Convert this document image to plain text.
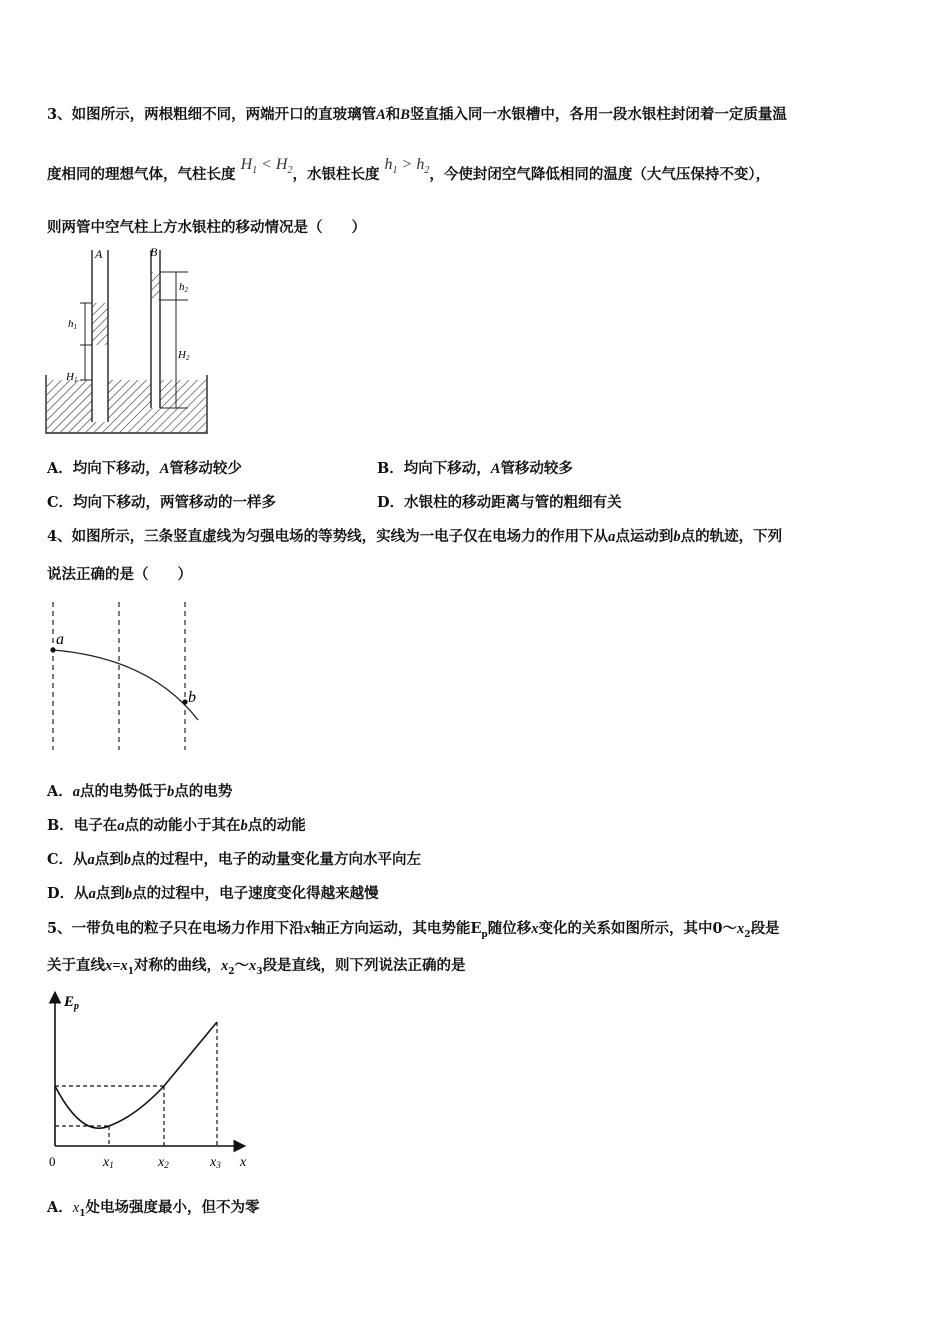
3、如图所示，两根粗细不同，两端开口的直玻璃管A和B竖直插入同一水银槽中，各用一段水银柱封闭着一定质量温
度相同的理想气体，气柱长度 $H_1 < H_2$，水银柱长度 $h_1 > h_2$，今使封闭空气降低相同的温度（大气压保持不变），
则两管中空气柱上方水银柱的移动情况是（　　）
A	B
h1
H1
h2
H2
A．均向下移动，A管移动较少	B．均向下移动，A管移动较多
C．均向下移动，两管移动的一样多	D．水银柱的移动距离与管的粗细有关
4、如图所示，三条竖直虚线为匀强电场的等势线，实线为一电子仅在电场力的作用下从a点运动到b点的轨迹，下列
说法正确的是（　　）
a
b
A．a点的电势低于b点的电势
B．电子在a点的动能小于其在b点的动能
C．从a点到b点的过程中，电子的动量变化量方向水平向左
D．从a点到b点的过程中，电子速度变化得越来越慢
5、一带负电的粒子只在电场力作用下沿x轴正方向运动，其电势能$E_p$随位移x变化的关系如图所示，其中$0\sim x_2$段是
关于直线$x=x_1$对称的曲线，$x_2\sim x_3$段是直线，则下列说法正确的是
$E_p$
0	x1	x2	x3 x
A．$x_1$处电场强度最小，但不为零
